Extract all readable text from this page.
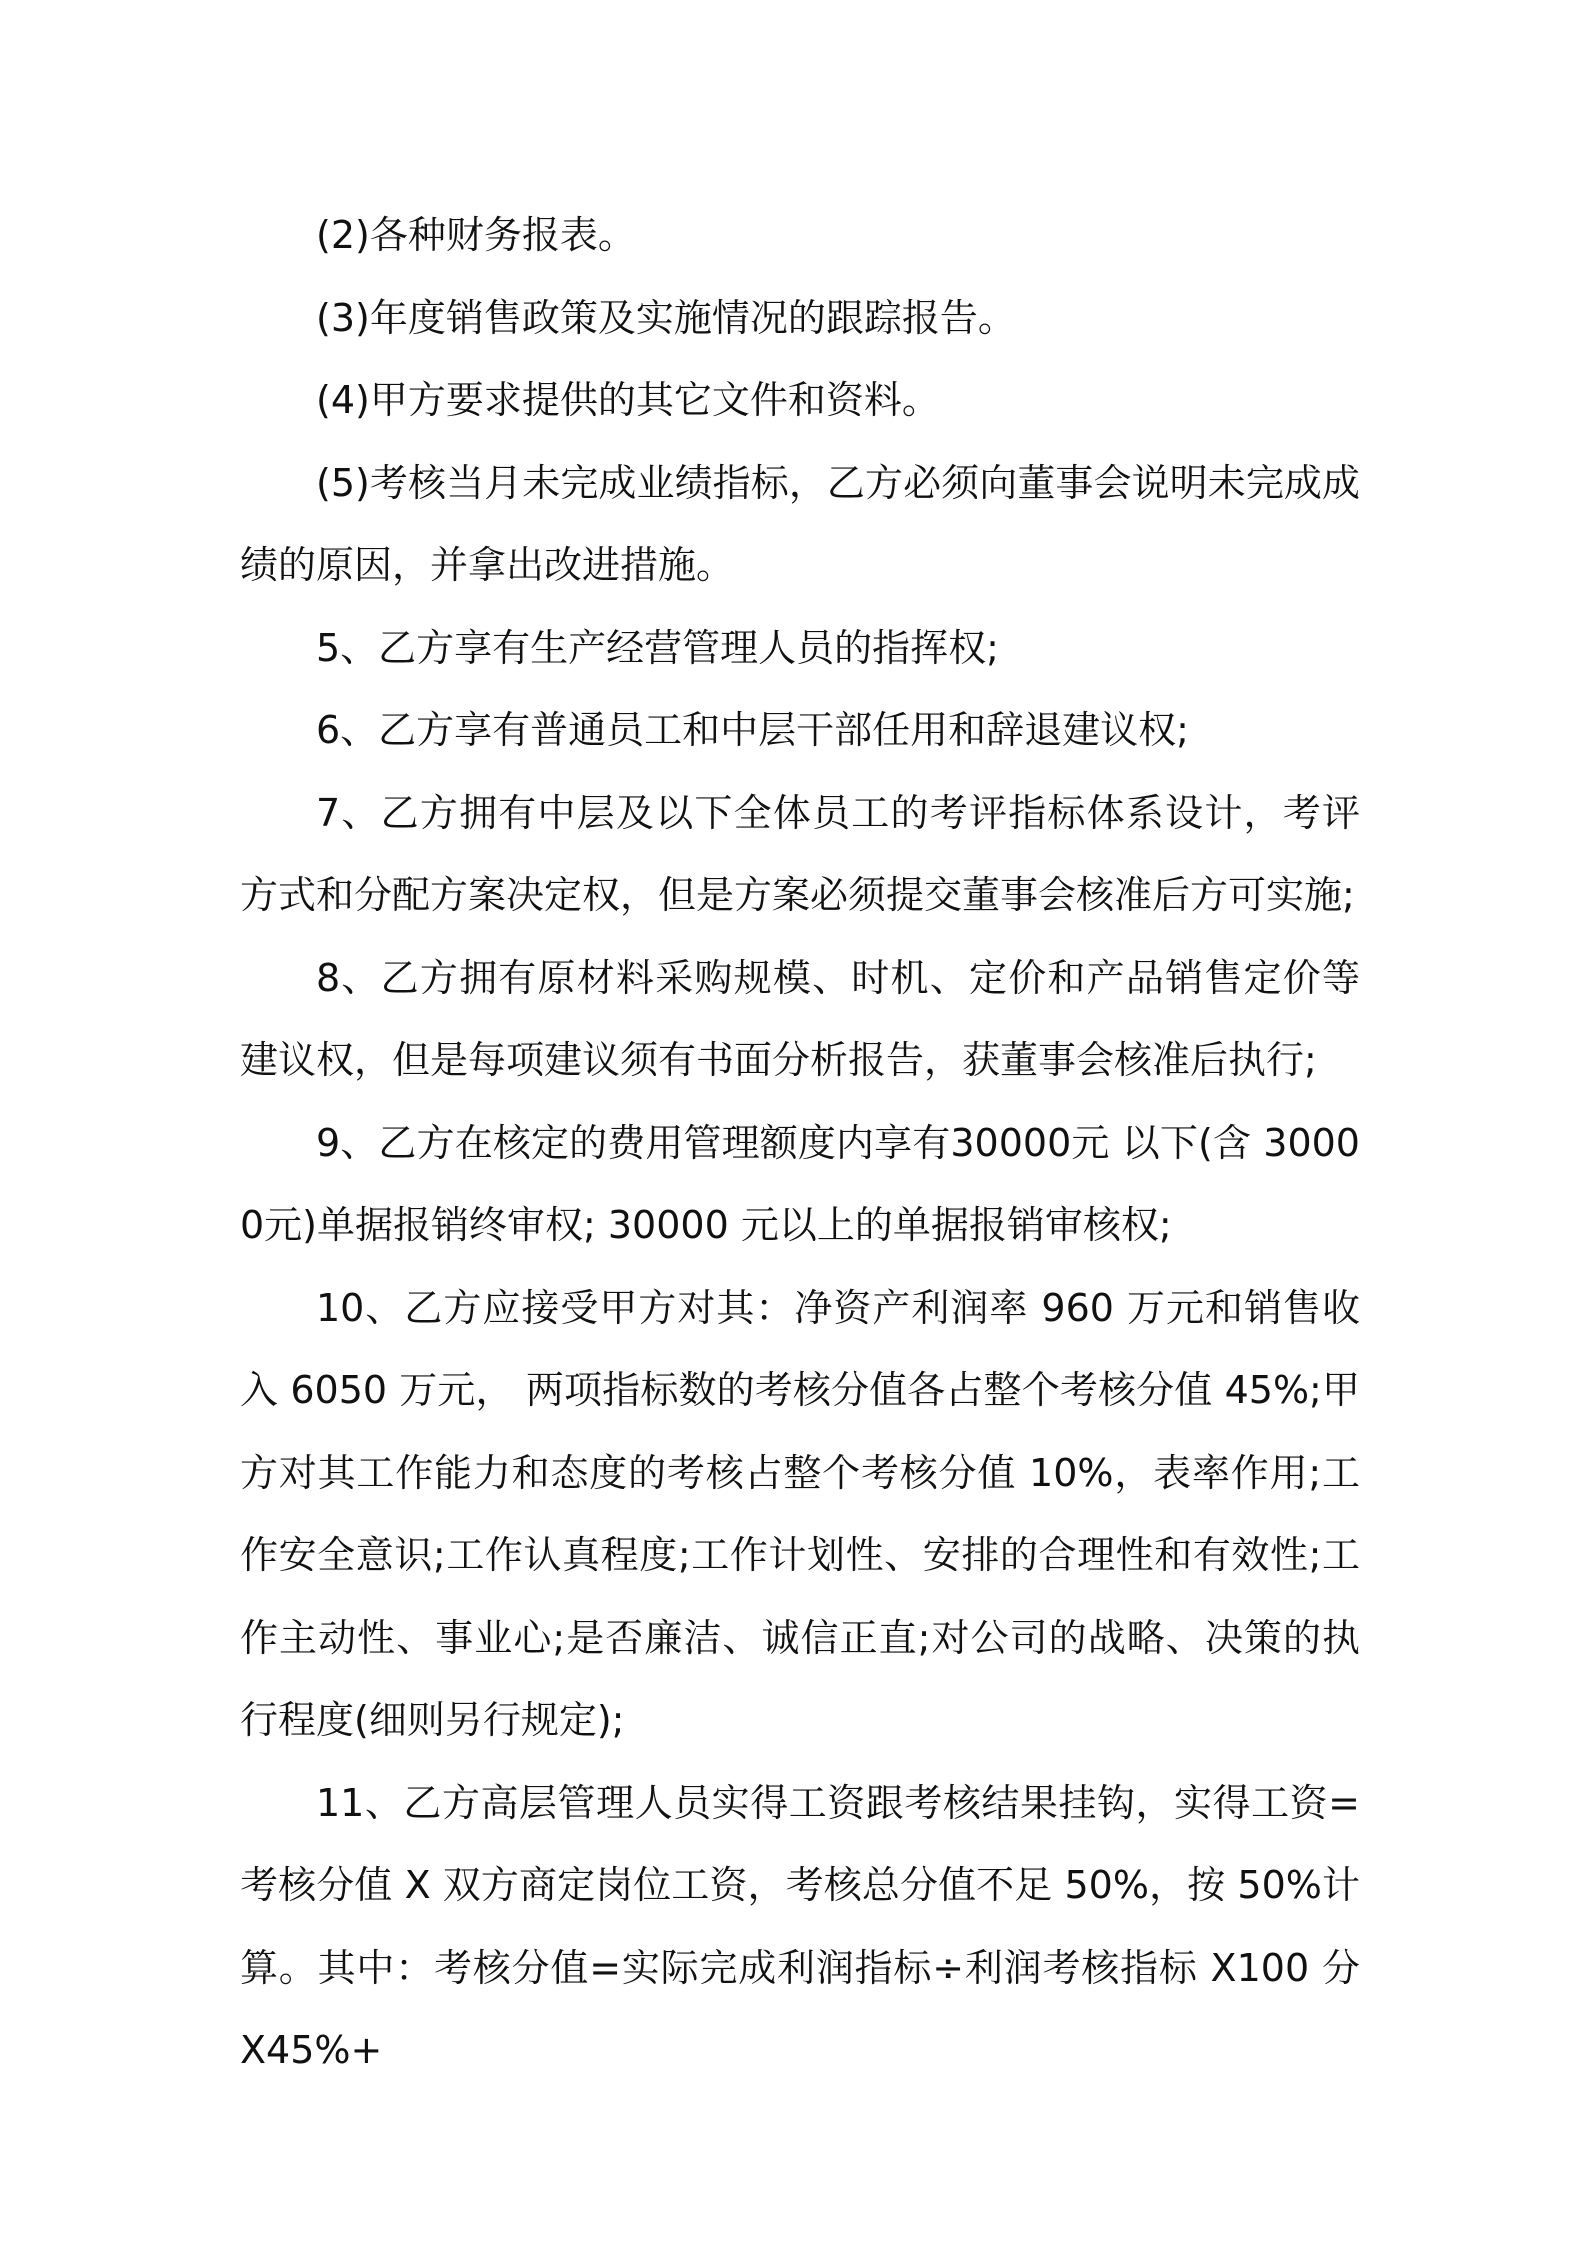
(2)各种财务报表。

(3)年度销售政策及实施情况的跟踪报告。

(4)甲方要求提供的其它文件和资料。

(5)考核当月未完成业绩指标，乙方必须向董事会说明未完成成绩的原因，并拿出改进措施。

5、乙方享有生产经营管理人员的指挥权;

6、乙方享有普通员工和中层干部任用和辞退建议权;

7、乙方拥有中层及以下全体员工的考评指标体系设计，考评方式和分配方案决定权，但是方案必须提交董事会核准后方可实施;

8、乙方拥有原材料采购规模、时机、定价和产品销售定价等建议权，但是每项建议须有书面分析报告，获董事会核准后执行;

9、乙方在核定的费用管理额度内享有30000元 以下(含 30000元)单据报销终审权; 30000 元以上的单据报销审核权;

10、乙方应接受甲方对其：净资产利润率 960 万元和销售收入 6050 万元， 两项指标数的考核分值各占整个考核分值 45%;甲方对其工作能力和态度的考核占整个考核分值 10%，表率作用;工作安全意识;工作认真程度;工作计划性、安排的合理性和有效性;工作主动性、事业心;是否廉洁、诚信正直;对公司的战略、决策的执行程度(细则另行规定);

11、乙方高层管理人员实得工资跟考核结果挂钩，实得工资=考核分值 X 双方商定岗位工资，考核总分值不足 50%，按 50%计算。其中：考核分值=实际完成利润指标÷利润考核指标 X100 分 X45%+
